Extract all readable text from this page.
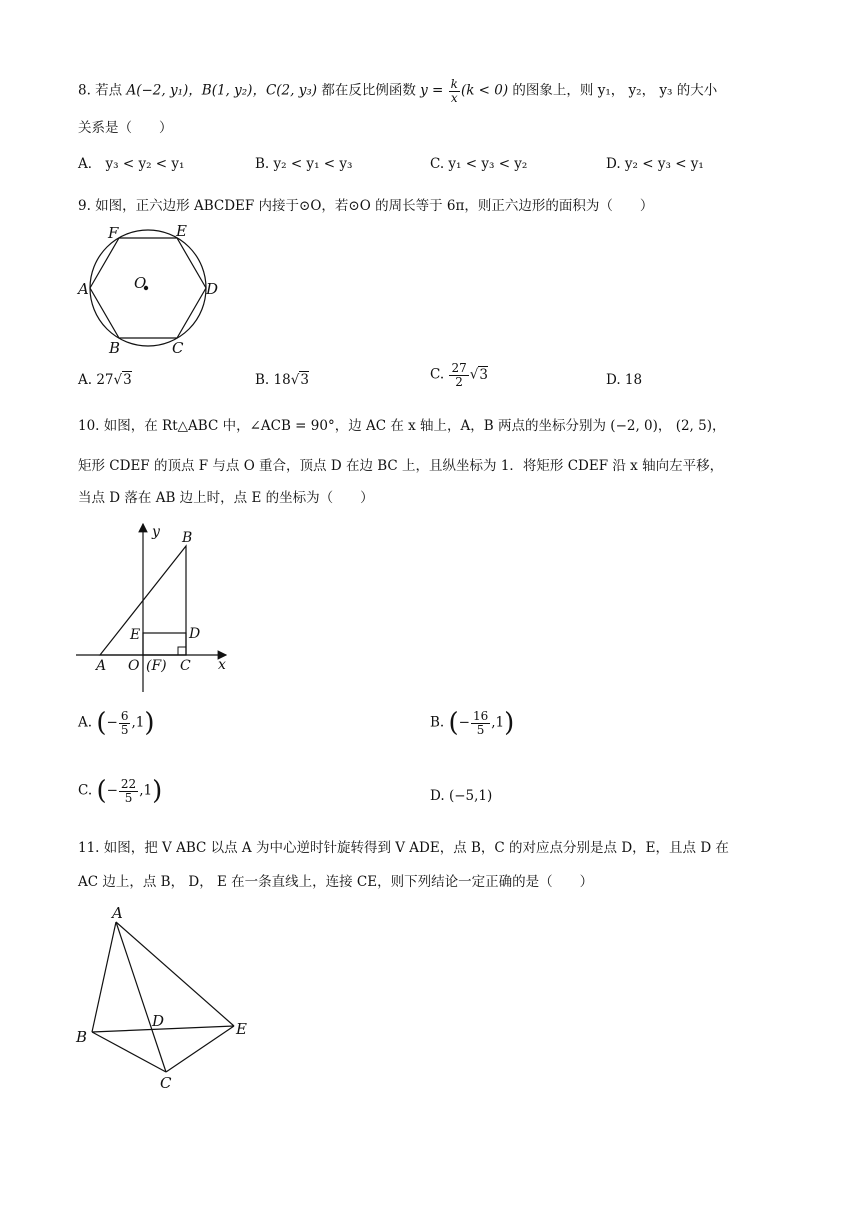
8. 若点 A(−2, y₁)，B(1, y₂)，C(2, y₃) 都在反比例函数 $y = \frac{k}{x} (k < 0)$ 的图象上，则 y₁， y₂， y₃ 的大小
关系是（　　）
A． y₃ < y₂ < y₁	B. y₂ < y₁ < y₃	C. y₁ < y₃ < y₂	D. y₂ < y₃ < y₁
9. 如图，正六边形 ABCDEF 内接于⊙O，若⊙O 的周长等于 6π，则正六边形的面积为（　　）
F	E
A	O	D
B	C
A. 27√3	B. 18√3	C. $\frac{27}{2} √3$	D. 18
10. 如图，在 Rt△ABC 中，∠ACB = 90°，边 AC 在 x 轴上，A，B 两点的坐标分别为 (−2, 0)， (2, 5)，
矩形 CDEF 的顶点 F 与点 O 重合，顶点 D 在边 BC 上，且纵坐标为 1．将矩形 CDEF 沿 x 轴向左平移，
当点 D 落在 AB 边上时，点 E 的坐标为（　　）
y B
E	D
A O (F) C x
A. (− $\frac{6}{5} ,1$)	B. (− $\frac{16}{5} ,1$)
C. (− $\frac{22}{5} ,1$)	D. (−5,1)
11. 如图，把 V ABC 以点 A 为中心逆时针旋转得到 V ADE，点 B，C 的对应点分别是点 D，E，且点 D 在
AC 边上，点 B， D， E 在一条直线上，连接 CE，则下列结论一定正确的是（　　）
A
B
D	E
C
